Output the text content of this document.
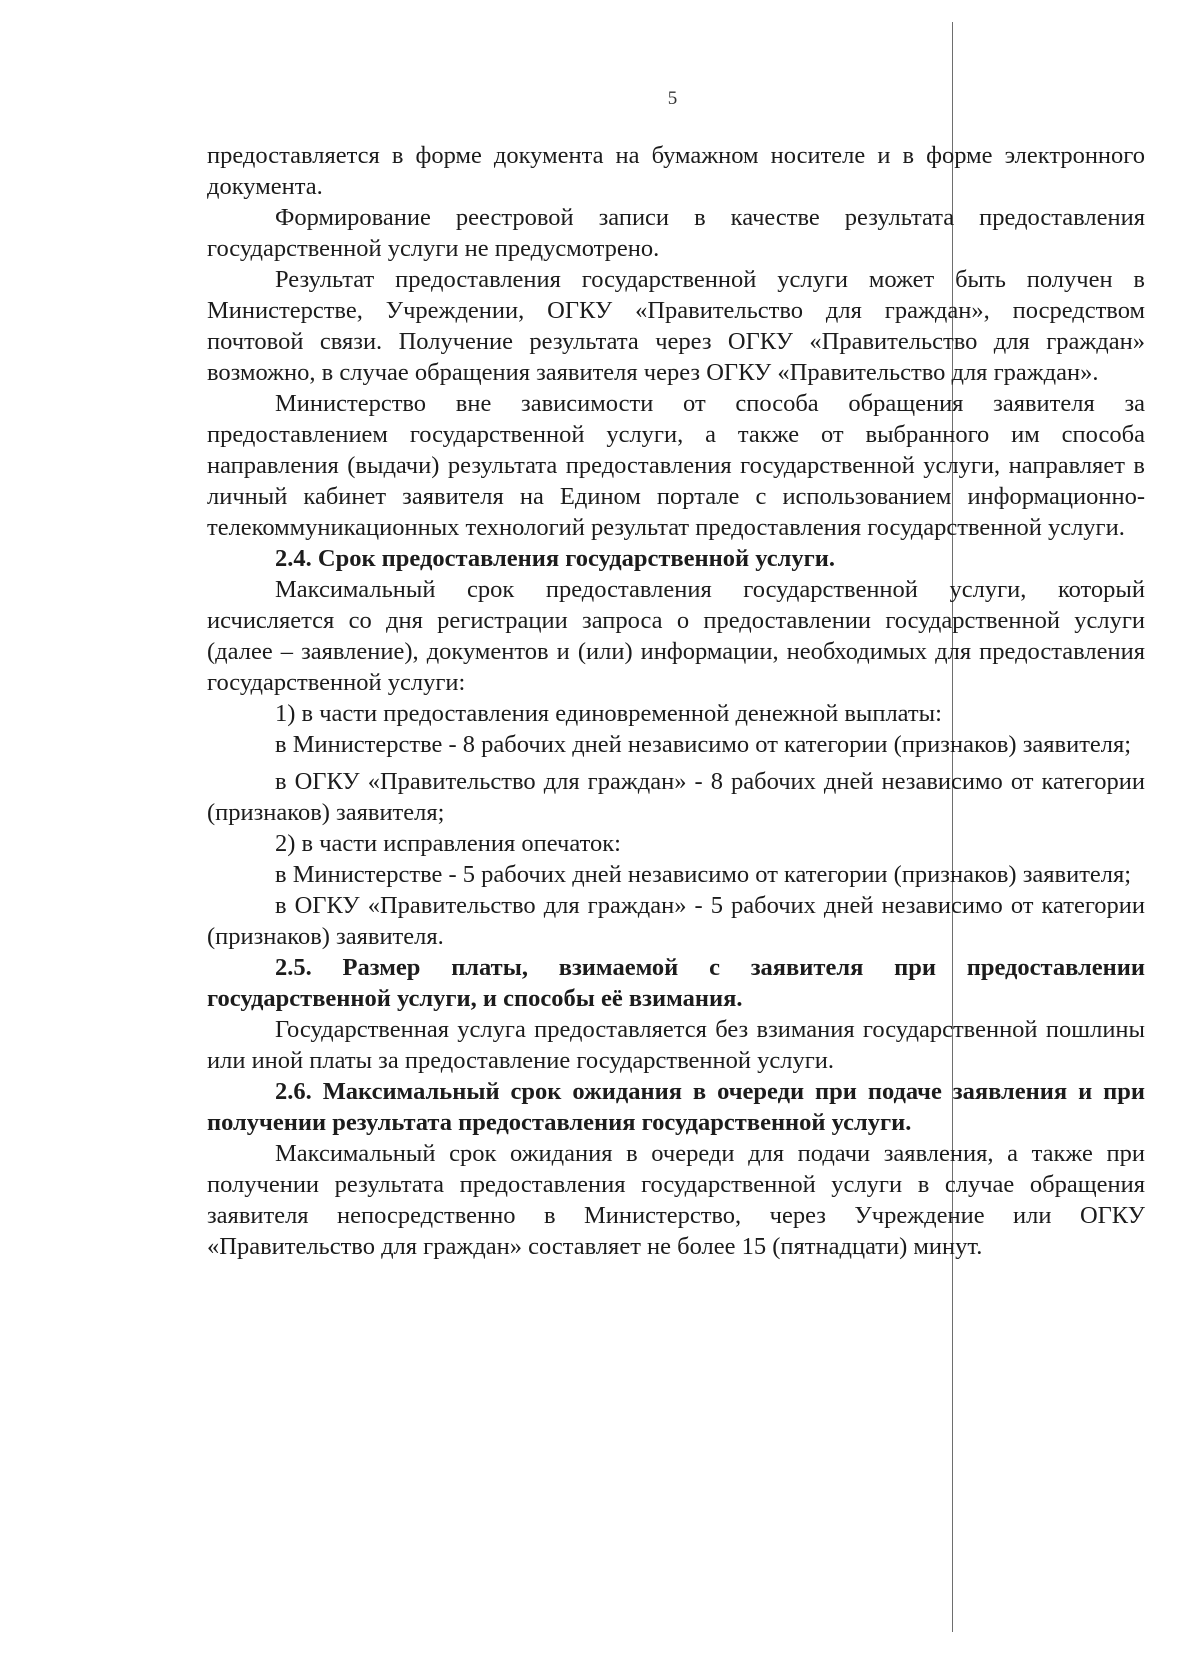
5

предоставляется в форме документа на бумажном носителе и в форме электронного документа.

Формирование реестровой записи в качестве результата предоставления государственной услуги не предусмотрено.

Результат предоставления государственной услуги может быть получен в Министерстве, Учреждении, ОГКУ «Правительство для граждан», посредством почтовой связи. Получение результата через ОГКУ «Правительство для граждан» возможно, в случае обращения заявителя через ОГКУ «Правительство для граждан».

Министерство вне зависимости от способа обращения заявителя за предоставлением государственной услуги, а также от выбранного им способа направления (выдачи) результата предоставления государственной услуги, направляет в личный кабинет заявителя на Едином портале с использованием информационно-телекоммуникационных технологий результат предоставления государственной услуги.

2.4. Срок предоставления государственной услуги.

Максимальный срок предоставления государственной услуги, который исчисляется со дня регистрации запроса о предоставлении государственной услуги (далее – заявление), документов и (или) информации, необходимых для предоставления государственной услуги:

1) в части предоставления единовременной денежной выплаты:

в Министерстве - 8 рабочих дней независимо от категории (признаков) заявителя;

в ОГКУ «Правительство для граждан» - 8 рабочих дней независимо от категории (признаков) заявителя;

2) в части исправления опечаток:

в Министерстве - 5 рабочих дней независимо от категории (признаков) заявителя;

в ОГКУ «Правительство для граждан» - 5 рабочих дней независимо от категории (признаков) заявителя.

2.5. Размер платы, взимаемой с заявителя при предоставлении государственной услуги, и способы её взимания.

Государственная услуга предоставляется без взимания государственной пошлины или иной платы за предоставление государственной услуги.

2.6. Максимальный срок ожидания в очереди при подаче заявления и при получении результата предоставления государственной услуги.

Максимальный срок ожидания в очереди для подачи заявления, а также при получении результата предоставления государственной услуги в случае обращения заявителя непосредственно в Министерство, через Учреждение или ОГКУ «Правительство для граждан» составляет не более 15 (пятнадцати) минут.
